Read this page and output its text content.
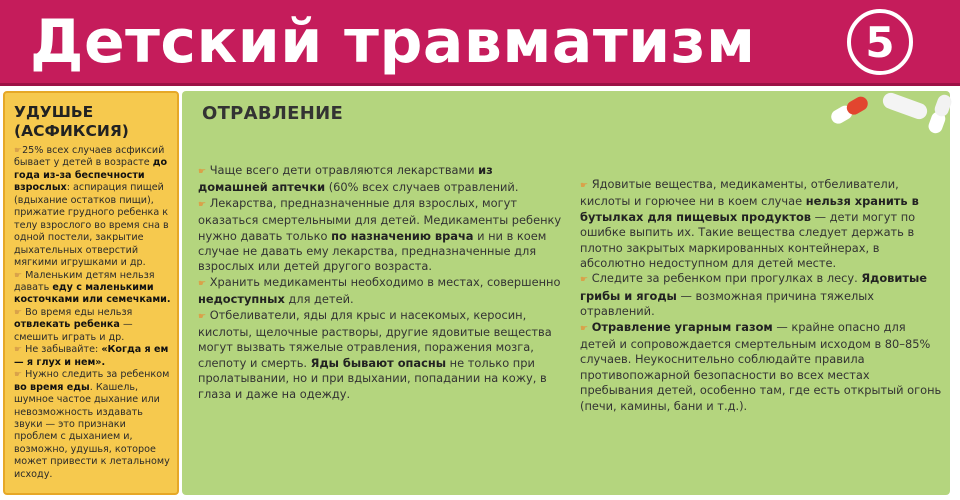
Детский травматизм	5
УДУШЬЕ
(АСФИКСИЯ)
☛25% всех случаев асфиксий бывает у детей в возрасте до года из-за беспечности взрослых: аспирация пищей (вдыхание остатков пищи), прижатие грудного ребенка к телу взрослого во время сна в одной постели, закрытие дыхательных отверстий мягкими игрушками и др.
☛ Маленьким детям нельзя давать еду с маленькими косточками или семечками.
☛ Во время еды нельзя отвлекать ребенка — смешить играть и др.
☛ Не забывайте: «Когда я ем — я глух и нем».
☛ Нужно следить за ребенком во время еды. Кашель, шумное частое дыхание или невозможность издавать звуки — это признаки проблем с дыханием и, возможно, удушья, которое может привести к летальному исходу.
ОТРАВЛЕНИЕ

☛ Чаще всего дети отравляются лекарствами из домашней аптечки (60% всех случаев отравлений.

☛ Лекарства, предназначенные для взрослых, могут оказаться смертельными для детей. Медикаменты ребенку нужно давать только по назначению врача и ни в коем случае не давать ему лекарства, предназначенные для взрослых или детей другого возраста.

☛ Хранить медикаменты необходимо в местах, совершенно недоступных для детей.

☛ Отбеливатели, яды для крыс и насекомых, керосин, кислоты, щелочные растворы, другие ядовитые вещества могут вызвать тяжелые отравления, поражения мозга, слепоту и смерть. Яды бывают опасны не только при пролатывании, но и при вдыхании, попадании на кожу, в глаза и даже на одежду.

☛ Ядовитые вещества, медикаменты, отбеливатели, кислоты и горючее ни в коем случае нельзя хранить в бутылках для пищевых продуктов — дети могут по ошибке выпить их. Такие вещества следует держать в плотно закрытых маркированных контейнерах, в абсолютно недоступном для детей месте.

☛ Следите за ребенком при прогулках в лесу. Ядовитые грибы и ягоды — возможная причина тяжелых отравлений.

☛ Отравление угарным газом — крайне опасно для детей и сопровождается смертельным исходом в 80–85% случаев. Неукоснительно соблюдайте правила противопожарной безопасности во всех местах пребывания детей, особенно там, где есть открытый огонь (печи, камины, бани и т.д.).
